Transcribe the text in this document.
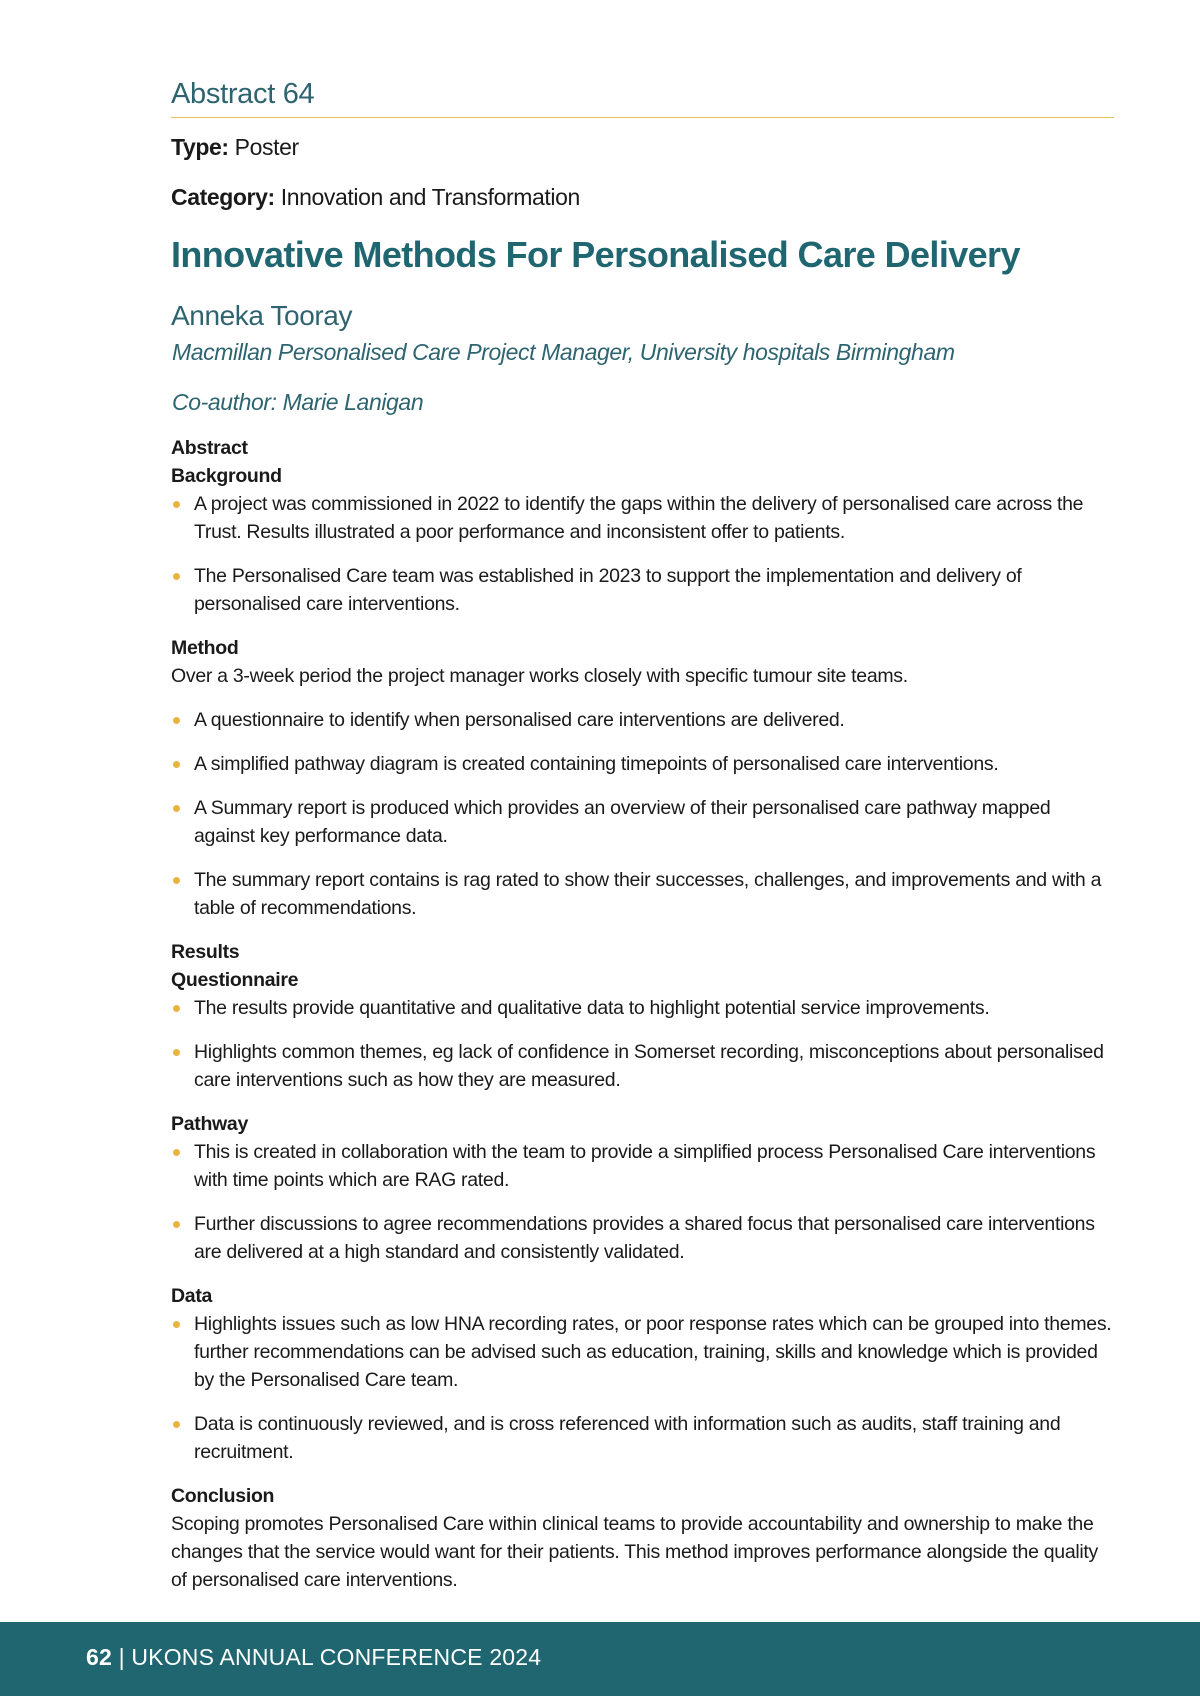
Abstract 64
Type: Poster
Category: Innovation and Transformation
Innovative Methods For Personalised Care Delivery
Anneka Tooray
Macmillan Personalised Care Project Manager, University hospitals Birmingham
Co-author: Marie Lanigan

Abstract

Background

A project was commissioned in 2022 to identify the gaps within the delivery of personalised care across the Trust. Results illustrated a poor performance and inconsistent offer to patients.
The Personalised Care team was established in 2023 to support the implementation and delivery of personalised care interventions.

Method

Over a 3-week period the project manager works closely with specific tumour site teams.

A questionnaire to identify when personalised care interventions are delivered.
A simplified pathway diagram is created containing timepoints of personalised care interventions.
A Summary report is produced which provides an overview of their personalised care pathway mapped against key performance data.
The summary report contains is rag rated to show their successes, challenges, and improvements and with a table of recommendations.

Results

Questionnaire

The results provide quantitative and qualitative data to highlight potential service improvements.
Highlights common themes, eg lack of confidence in Somerset recording, misconceptions about personalised care interventions such as how they are measured.

Pathway

This is created in collaboration with the team to provide a simplified process Personalised Care interventions with time points which are RAG rated.
Further discussions to agree recommendations provides a shared focus that personalised care interventions are delivered at a high standard and consistently validated.

Data

Highlights issues such as low HNA recording rates, or poor response rates which can be grouped into themes. further recommendations can be advised such as education, training, skills and knowledge which is provided by the Personalised Care team.
Data is continuously reviewed, and is cross referenced with information such as audits, staff training and recruitment.

Conclusion

Scoping promotes Personalised Care within clinical teams to provide accountability and ownership to make the changes that the service would want for their patients. This method improves performance alongside the quality of personalised care interventions.

62 | UKONS ANNUAL CONFERENCE 2024
